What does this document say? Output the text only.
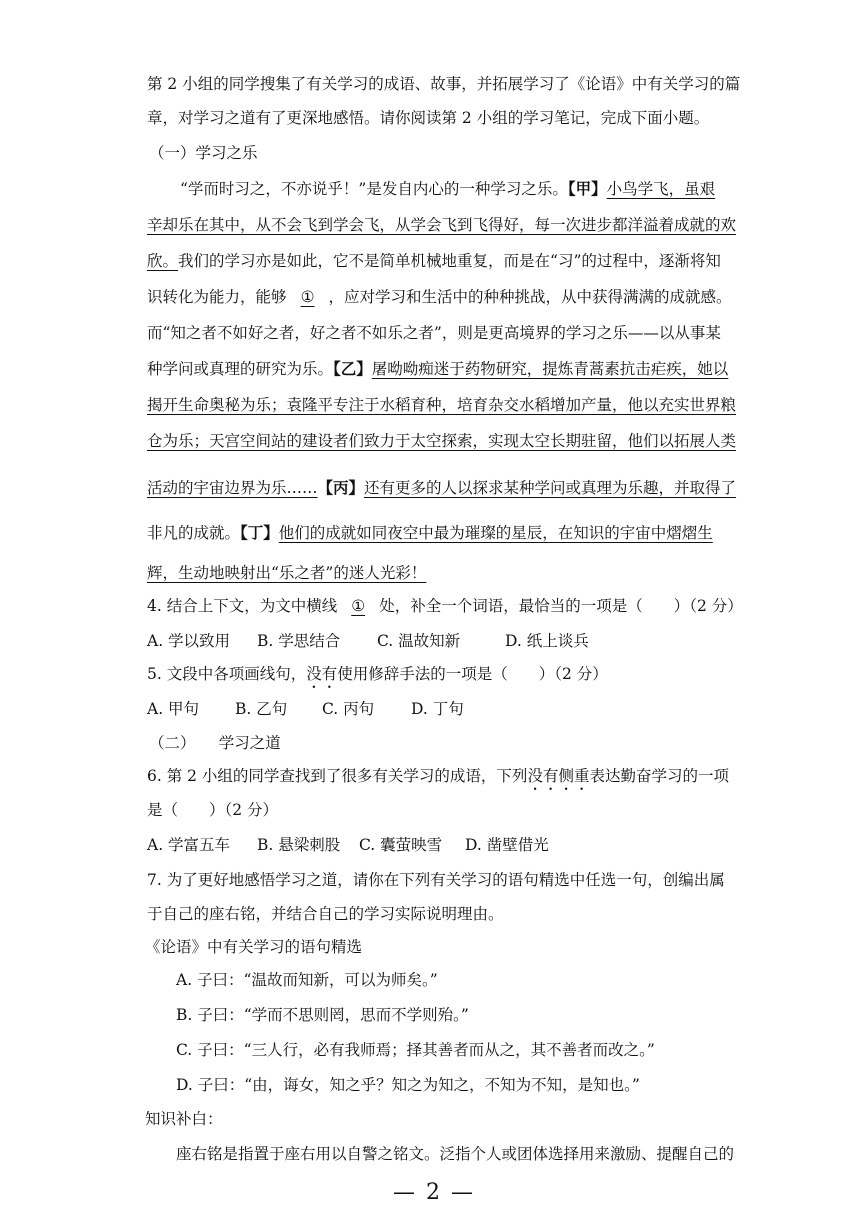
第 2 小组的同学搜集了有关学习的成语、故事，并拓展学习了《论语》中有关学习的篇
章，对学习之道有了更深地感悟。请你阅读第 2 小组的学习笔记，完成下面小题。
（一）学习之乐
“学而时习之，不亦说乎！”是发自内心的一种学习之乐。【甲】小鸟学飞，虽艰
辛却乐在其中，从不会飞到学会飞，从学会飞到飞得好，每一次进步都洋溢着成就的欢
欣。我们的学习亦是如此，它不是简单机械地重复，而是在“习”的过程中，逐渐将知
识转化为能力，能够 ① ，应对学习和生活中的种种挑战，从中获得满满的成就感。
而“知之者不如好之者，好之者不如乐之者”，则是更高境界的学习之乐——以从事某
种学问或真理的研究为乐。【乙】屠呦呦痴迷于药物研究，提炼青蒿素抗击疟疾，她以
揭开生命奥秘为乐；袁隆平专注于水稻育种，培育杂交水稻增加产量，他以充实世界粮
仓为乐；天宫空间站的建设者们致力于太空探索，实现太空长期驻留，他们以拓展人类
活动的宇宙边界为乐……【丙】还有更多的人以探求某种学问或真理为乐趣，并取得了
非凡的成就。【丁】他们的成就如同夜空中最为璀璨的星辰，在知识的宇宙中熠熠生
辉，生动地映射出“乐之者”的迷人光彩！
4. 结合上下文，为文中横线 ① 处，补全一个词语，最恰当的一项是（　　）（2 分）
A. 学以致用 B. 学思结合 C. 温故知新	D. 纸上谈兵
5. 文段中各项画线句，没有使用修辞手法的一项是（　　）（2 分）
A. 甲句 B. 乙句 C. 丙句 D. 丁句
（二）　　学习之道
6. 第 2 小组的同学查找到了很多有关学习的成语，下列没有侧重表达勤奋学习的一项
是（　　）（2 分）
A. 学富五车 B. 悬梁刺股 C. 囊萤映雪 D. 凿壁借光
7. 为了更好地感悟学习之道，请你在下列有关学习的语句精选中任选一句，创编出属
于自己的座右铭，并结合自己的学习实际说明理由。
《论语》中有关学习的语句精选
A. 子曰：“温故而知新，可以为师矣。”
B. 子曰：“学而不思则罔，思而不学则殆。”
C. 子曰：“三人行，必有我师焉；择其善者而从之，其不善者而改之。”
D. 子曰：“由，诲女，知之乎？知之为知之，不知为不知，是知也。”
知识补白：
座右铭是指置于座右用以自警之铭文。泛指个人或团体选择用来激励、提醒自己的
— 2 —
